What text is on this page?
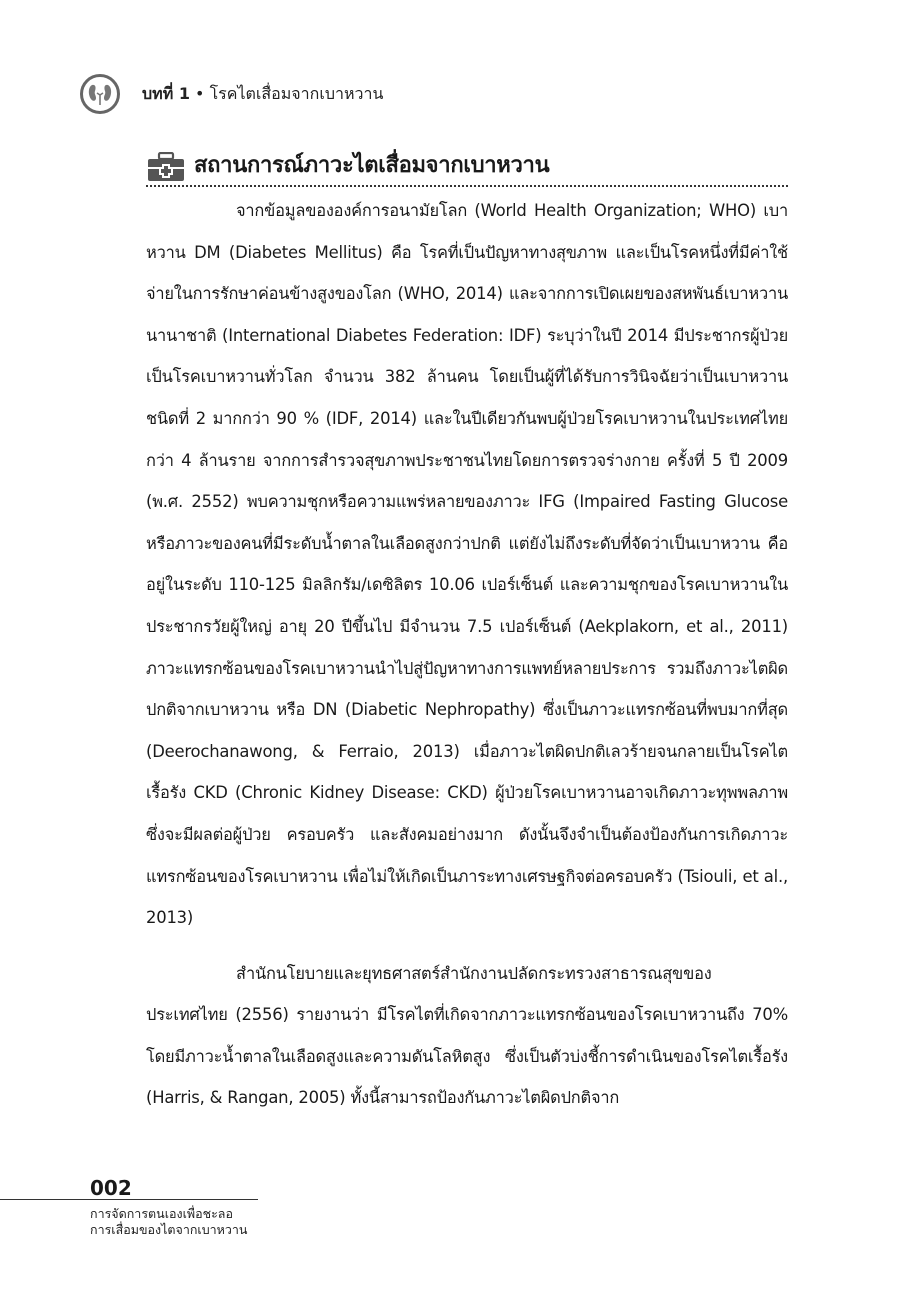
บทที่ 1 • โรคไตเสื่อมจากเบาหวาน
สถานการณ์ภาวะไตเสื่อมจากเบาหวาน

จากข้อมูลขององค์การอนามัยโลก (World Health Organization; WHO) เบาหวาน DM (Diabetes Mellitus) คือ โรคที่เป็นปัญหาทางสุขภาพ และเป็นโรคหนึ่งที่มีค่าใช้จ่ายในการรักษาค่อนข้างสูงของโลก (WHO, 2014) และจากการเปิดเผยของสหพันธ์เบาหวานนานาชาติ (International Diabetes Federation: IDF) ระบุว่าในปี 2014 มีประชากรผู้ป่วยเป็นโรคเบาหวานทั่วโลก จำนวน 382 ล้านคน โดยเป็นผู้ที่ได้รับการวินิจฉัยว่าเป็นเบาหวานชนิดที่ 2 มากกว่า 90 % (IDF, 2014) และในปีเดียวกันพบผู้ป่วยโรคเบาหวานในประเทศไทยกว่า 4 ล้านราย จากการสำรวจสุขภาพประชาชนไทยโดยการตรวจร่างกาย ครั้งที่ 5 ปี 2009 (พ.ศ. 2552) พบความชุกหรือความแพร่หลายของภาวะ IFG (Impaired Fasting Glucose หรือภาวะของคนที่มีระดับน้ำตาลในเลือดสูงกว่าปกติ แต่ยังไม่ถึงระดับที่จัดว่าเป็นเบาหวาน คือ อยู่ในระดับ 110-125 มิลลิกรัม/เดซิลิตร 10.06 เปอร์เซ็นต์ และความชุกของโรคเบาหวานในประชากรวัยผู้ใหญ่ อายุ 20 ปีขึ้นไป มีจำนวน 7.5 เปอร์เซ็นต์ (Aekplakorn, et al., 2011) ภาวะแทรกซ้อนของโรคเบาหวานนำไปสู่ปัญหาทางการแพทย์หลายประการ รวมถึงภาวะไตผิดปกติจากเบาหวาน หรือ DN (Diabetic Nephropathy) ซึ่งเป็นภาวะแทรกซ้อนที่พบมากที่สุด (Deerochanawong, & Ferraio, 2013) เมื่อภาวะไตผิดปกติเลวร้ายจนกลายเป็นโรคไตเรื้อรัง CKD (Chronic Kidney Disease: CKD) ผู้ป่วยโรคเบาหวานอาจเกิดภาวะทุพพลภาพ ซึ่งจะมีผลต่อผู้ป่วย ครอบครัว และสังคมอย่างมาก ดังนั้นจึงจำเป็นต้องป้องกันการเกิดภาวะแทรกซ้อนของโรคเบาหวาน เพื่อไม่ให้เกิดเป็นภาระทางเศรษฐกิจต่อครอบครัว (Tsiouli, et al., 2013)

สำนักนโยบายและยุทธศาสตร์สำนักงานปลัดกระทรวงสาธารณสุขของประเทศไทย (2556) รายงานว่า มีโรคไตที่เกิดจากภาวะแทรกซ้อนของโรคเบาหวานถึง 70% โดยมีภาวะน้ำตาลในเลือดสูงและความดันโลหิตสูง ซึ่งเป็นตัวบ่งชี้การดำเนินของโรคไตเรื้อรัง (Harris, & Rangan, 2005) ทั้งนี้สามารถป้องกันภาวะไตผิดปกติจาก

002
การจัดการตนเองเพื่อชะลอ
การเสื่อมของไตจากเบาหวาน
